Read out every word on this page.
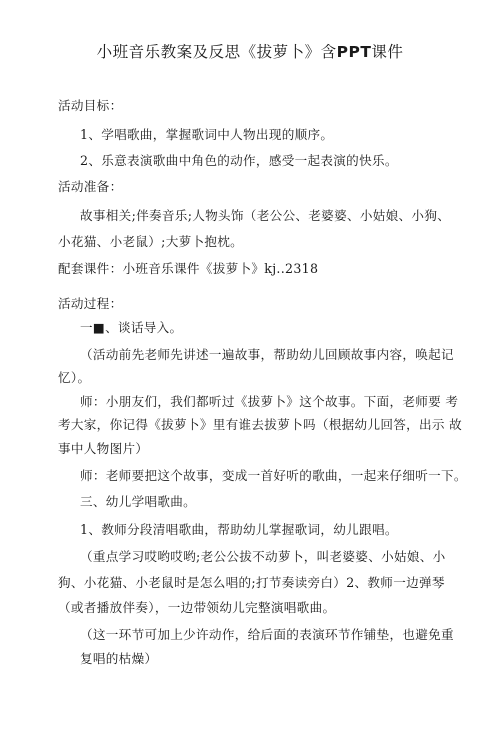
小班音乐教案及反思《拔萝卜》含PPT课件
活动目标：
1、学唱歌曲，掌握歌词中人物出现的顺序。
2、乐意表演歌曲中角色的动作，感受一起表演的快乐。
活动准备：
故事相关;伴奏音乐;人物头饰（老公公、老婆婆、小姑娘、小狗、
小花猫、小老鼠）;大萝卜抱枕。
配套课件：小班音乐课件《拔萝卜》kj..2318
活动过程：
一■、谈话导入。
（活动前先老师先讲述一遍故事，帮助幼儿回顾故事内容，唤起记
忆）。
师：小朋友们，我们都听过《拔萝卜》这个故事。下面，老师要 考
考大家，你记得《拔萝卜》里有谁去拔萝卜吗（根据幼儿回答，出示 故
事中人物图片）
师：老师要把这个故事，变成一首好听的歌曲，一起来仔细听一下。
三、幼儿学唱歌曲。
1、教师分段清唱歌曲，帮助幼儿掌握歌词，幼儿跟唱。
（重点学习哎哟哎哟;老公公拔不动萝卜，叫老婆婆、小姑娘、小
狗、小花猫、小老鼠时是怎么唱的;打节奏读旁白）2、教师一边弹琴
（或者播放伴奏），一边带领幼儿完整演唱歌曲。
（这一环节可加上少许动作，给后面的表演环节作铺垫，也避免重
复唱的枯燥）
